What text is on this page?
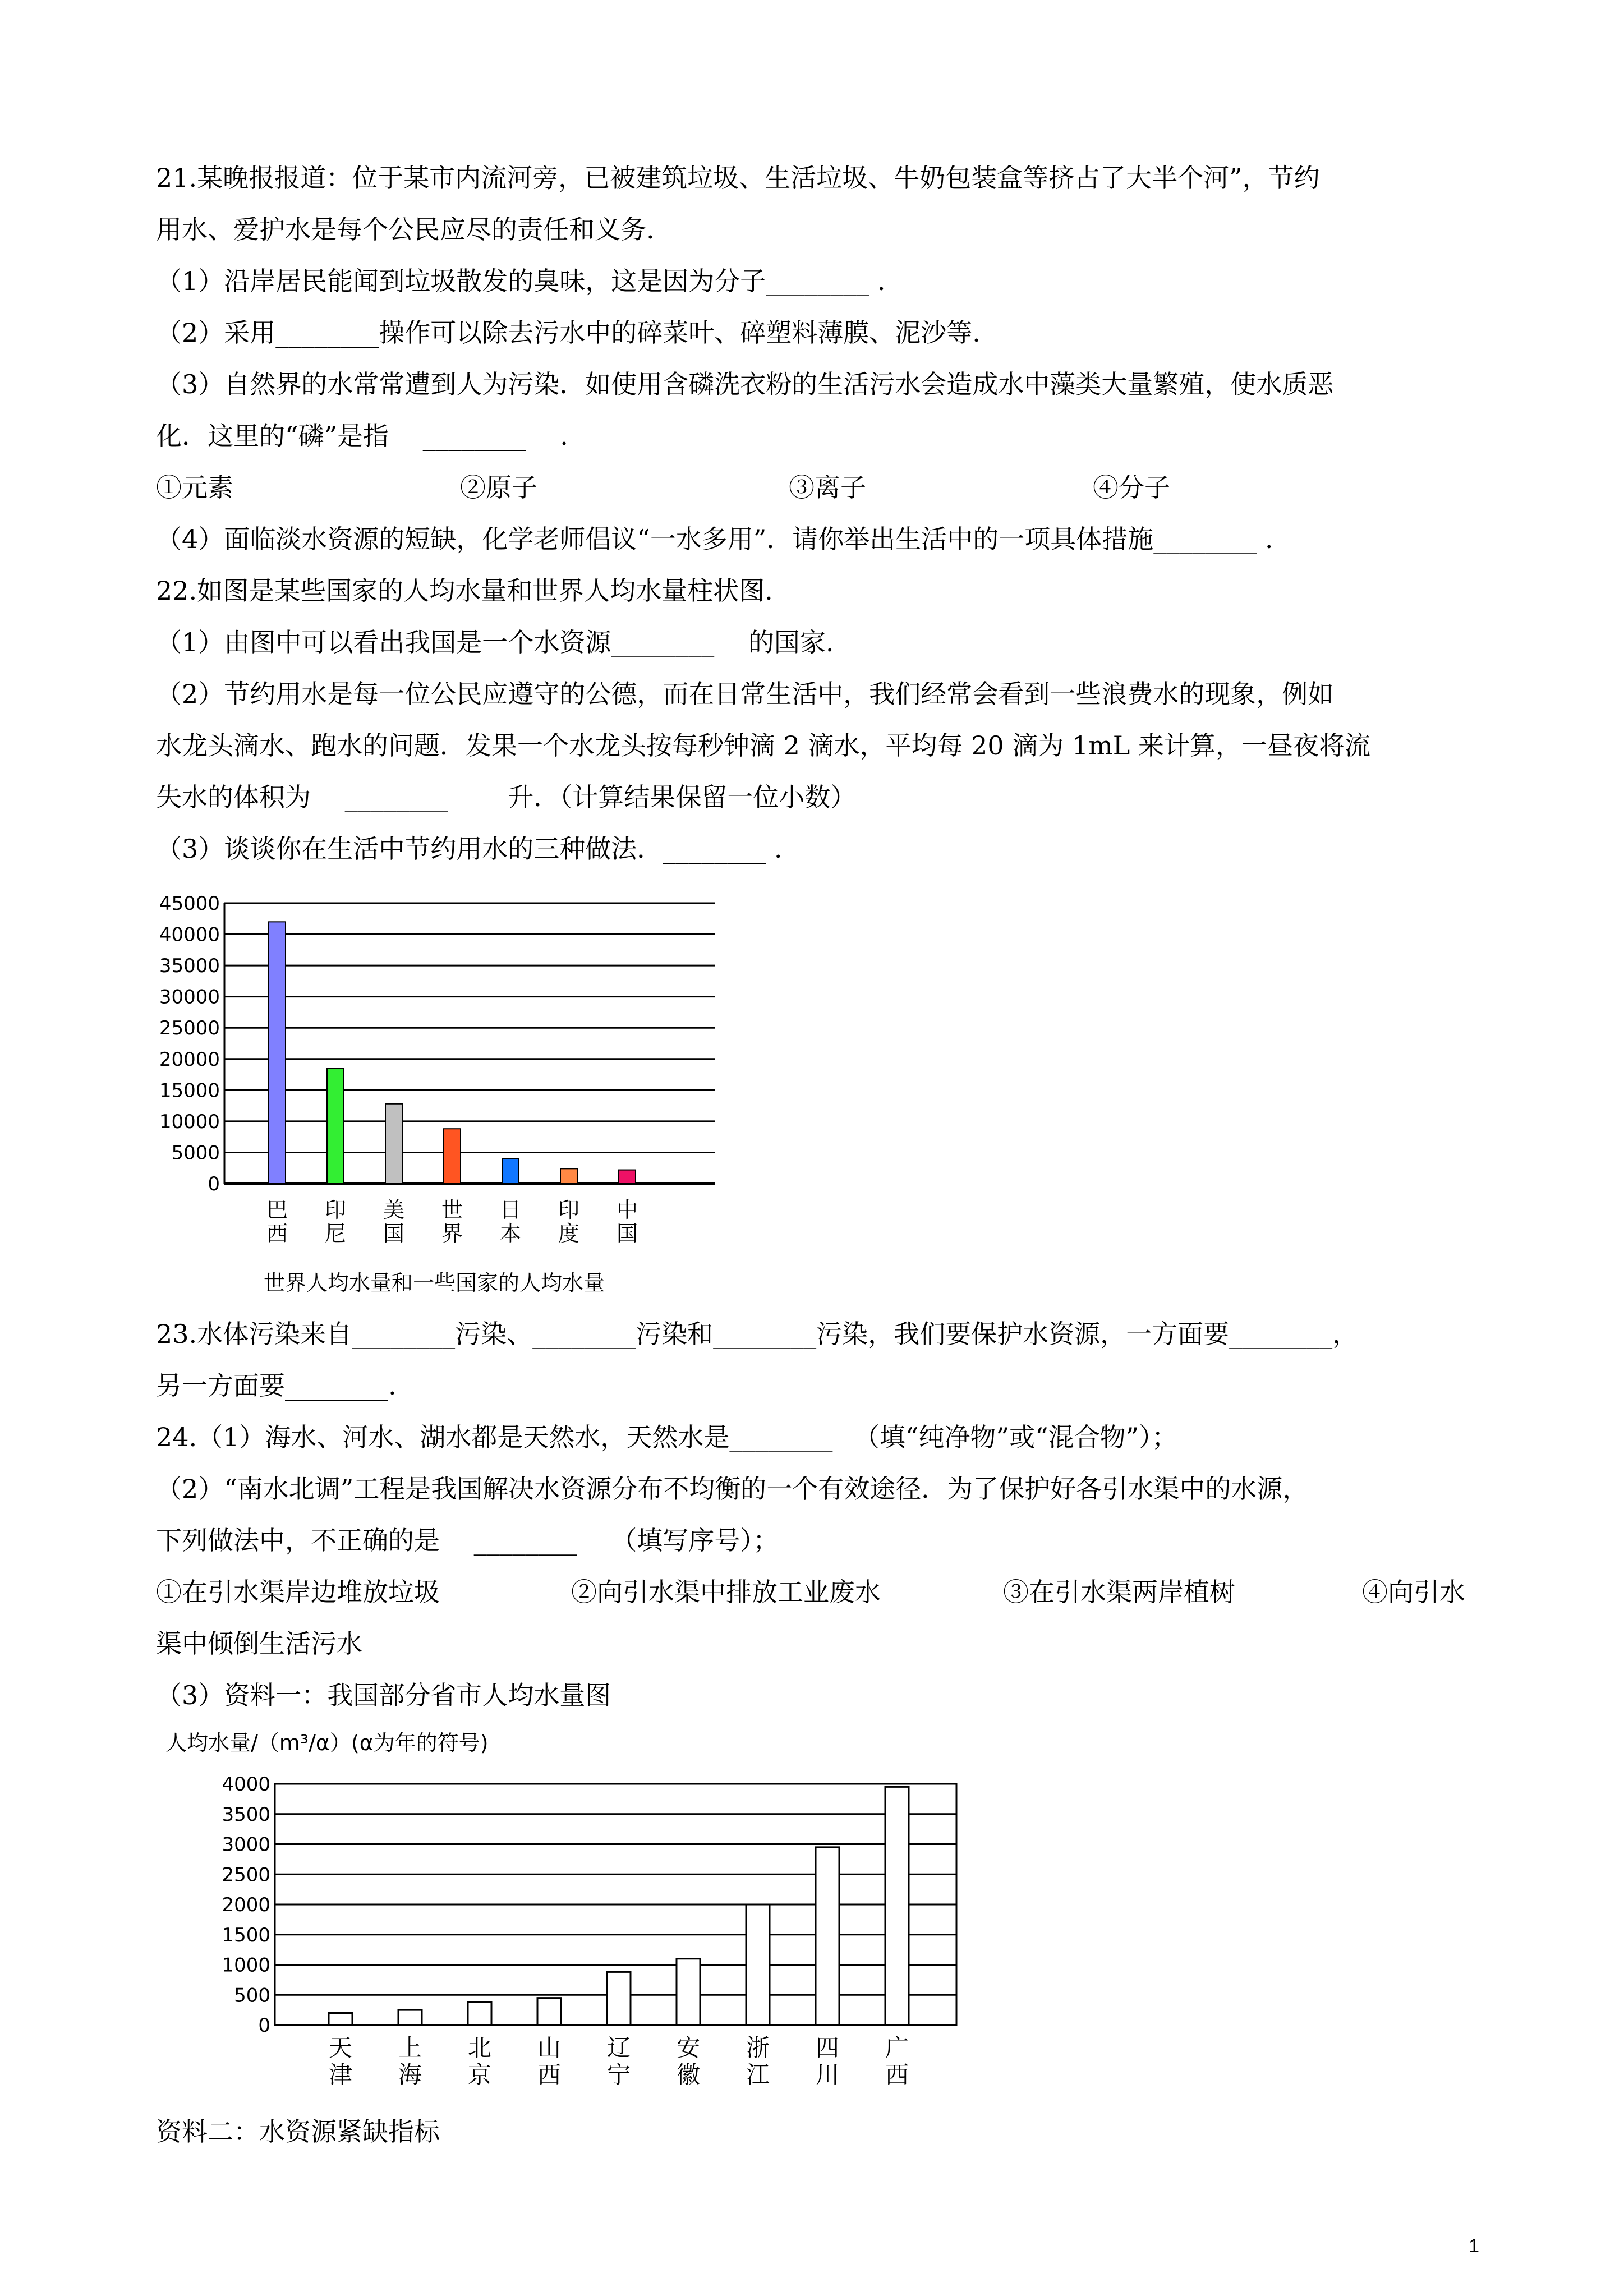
21.某晚报报道：位于某市内流河旁，已被建筑垃圾、生活垃圾、牛奶包装盒等挤占了大半个河”，节约
用水、爱护水是每个公民应尽的责任和义务.
（1）沿岸居民能闻到垃圾散发的臭味，这是因为分子________ .
（2）采用________操作可以除去污水中的碎菜叶、碎塑料薄膜、泥沙等.
（3）自然界的水常常遭到人为污染．如使用含磷洗衣粉的生活污水会造成水中藻类大量繁殖，使水质恶
化．这里的“磷”是指 　________　 .
①元素	②原子	③离子	④分子
（4）面临淡水资源的短缺，化学老师倡议“一水多用”．请你举出生活中的一项具体措施________ .
22.如图是某些国家的人均水量和世界人均水量柱状图.
（1）由图中可以看出我国是一个水资源________ 　的国家.
（2）节约用水是每一位公民应遵守的公德，而在日常生活中，我们经常会看到一些浪费水的现象，例如
水龙头滴水、跑水的问题．发果一个水龙头按每秒钟滴 2 滴水，平均每 20 滴为 1mL 来计算，一昼夜将流
失水的体积为 　________　 　升．（计算结果保留一位小数）
（3）谈谈你在生活中节约用水的三种做法．________ .
0
5000
10000
15000
20000
25000
30000
35000
40000
45000
巴
西
印
尼
美
国
世
界
日
本
印
度
中
国
世界人均水量和一些国家的人均水量
23.水体污染来自________污染、________污染和________污染，我们要保护水资源，一方面要________，
另一方面要________.
24.（1）海水、河水、湖水都是天然水，天然水是________ 　（填“纯净物”或“混合物”）；
（2）“南水北调”工程是我国解决水资源分布不均衡的一个有效途径．为了保护好各引水渠中的水源，
下列做法中，不正确的是 　________　 （填写序号）；
①在引水渠岸边堆放垃圾	②向引水渠中排放工业废水	③在引水渠两岸植树	④向引水
渠中倾倒生活污水
（3）资料一：我国部分省市人均水量图
人均水量/（m³/α）(α为年的符号)
0
500
1000
1500
2000
2500
3000
3500
4000
天
津
上
海
北
京
山
西
辽
宁
安
徽
浙
江
四
川
广
西
资料二：水资源紧缺指标
1
